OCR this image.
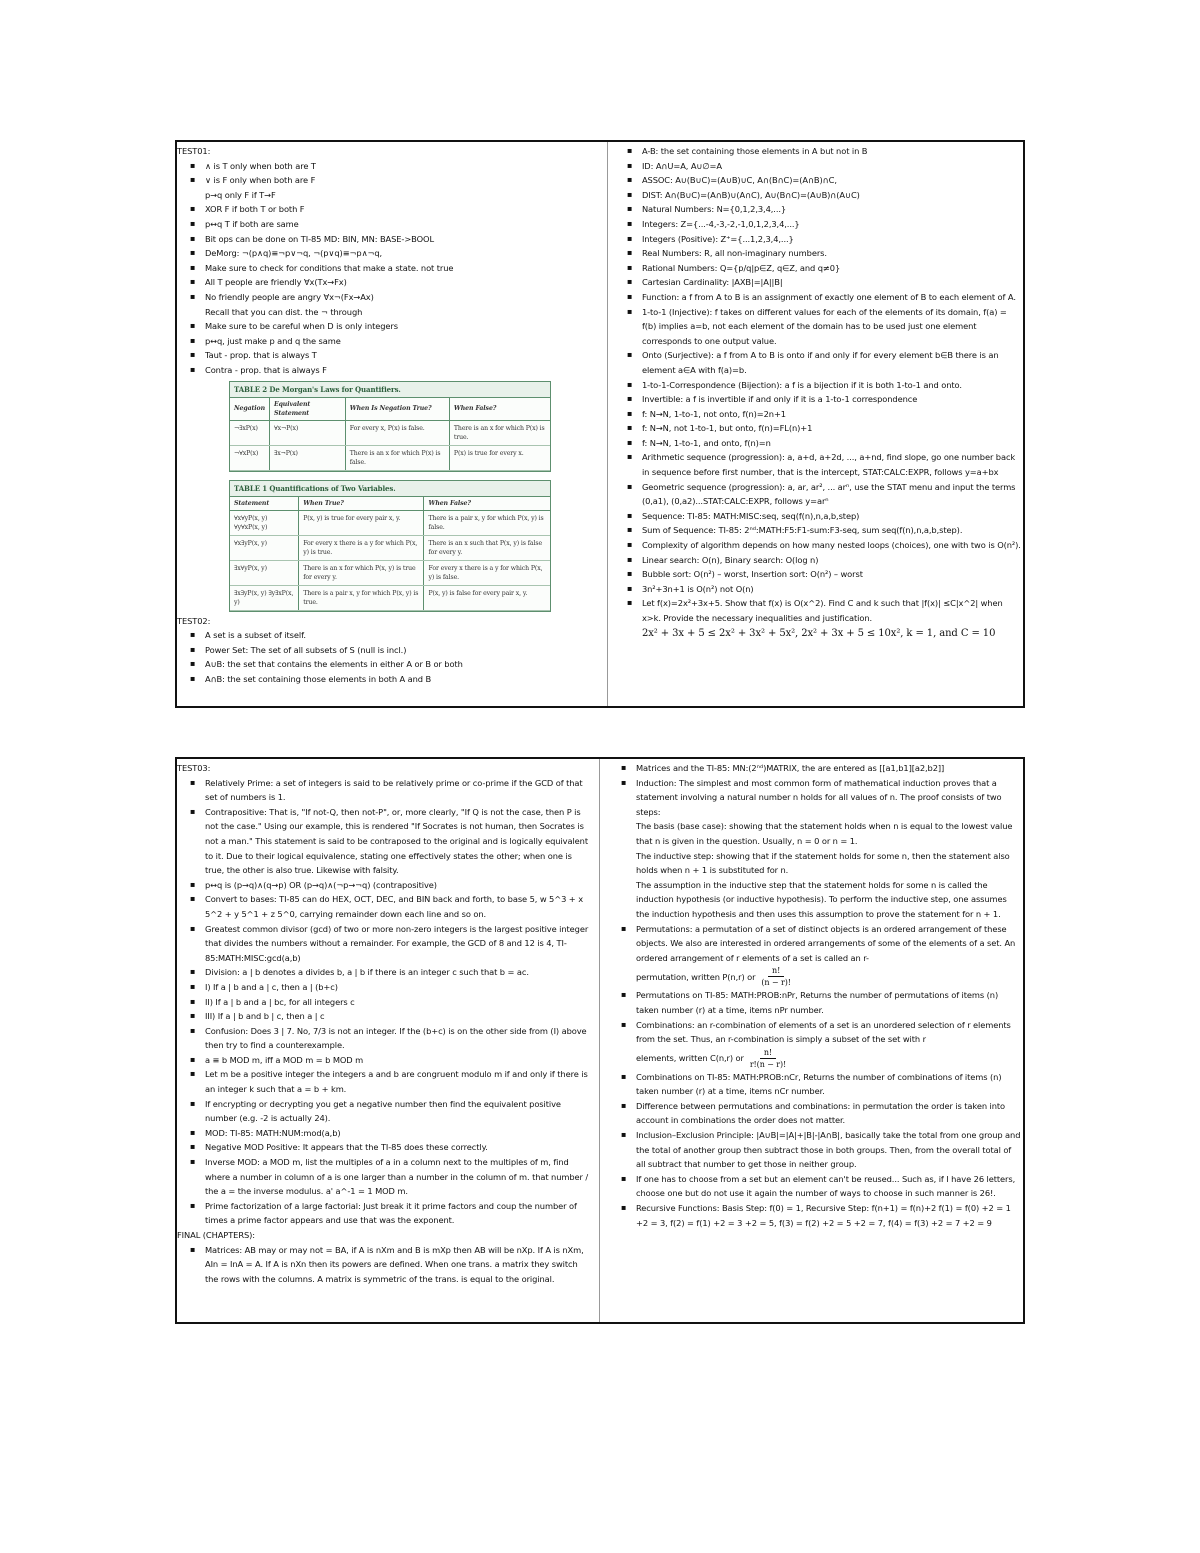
TEST01:
▪ ∧ is T only when both are T
▪ ∨ is F only when both are F
p→q only F if T→F
▪ XOR F if both T or both F
▪ p↔q T if both are same
▪ Bit ops can be done on TI-85 MD: BIN, MN: BASE->BOOL
▪ DeMorg: ¬(p∧q)≡¬p∨¬q, ¬(p∨q)≡¬p∧¬q,
▪ Make sure to check for conditions that make a state. not true
▪ All T people are friendly ∀x(Tx→Fx)
▪ No friendly people are angry ∀x¬(Fx→Ax)
Recall that you can dist. the ¬ through
▪ Make sure to be careful when D is only integers
▪ p↔q, just make p and q the same
▪ Taut - prop. that is always T
▪ Contra - prop. that is always F
TABLE 2 De Morgan's Laws for Quantifiers.
Negation	Equivalent Statement	When Is Negation True?	When False?
¬∃xP(x)	∀x¬P(x)	For every x, P(x) is false.	There is an x for which P(x) is true.
¬∀xP(x)	∃x¬P(x)	There is an x for which P(x) is false.	P(x) is true for every x.
TABLE 1 Quantifications of Two Variables.
Statement	When True?	When False?
∀x∀yP(x, y) ∀y∀xP(x, y)	P(x, y) is true for every pair x, y.	There is a pair x, y for which P(x, y) is false.
∀x∃yP(x, y)	For every x there is a y for which P(x, y) is true.	There is an x such that P(x, y) is false for every y.
∃x∀yP(x, y)	There is an x for which P(x, y) is true for every y.	For every x there is a y for which P(x, y) is false.
∃x∃yP(x, y) ∃y∃xP(x, y)	There is a pair x, y for which P(x, y) is true.	P(x, y) is false for every pair x, y.
TEST02:
▪ A set is a subset of itself.
▪ Power Set: The set of all subsets of S (null is incl.)
▪ A∪B: the set that contains the elements in either A or B or both
▪ A∩B: the set containing those elements in both A and B
▪ A-B: the set containing those elements in A but not in B
▪ ID: A∩U=A, A∪∅=A
▪ ASSOC: A∪(B∪C)=(A∪B)∪C, A∩(B∩C)=(A∩B)∩C,
▪ DIST: A∩(B∪C)=(A∩B)∪(A∩C), A∪(B∩C)=(A∪B)∩(A∪C)
▪ Natural Numbers: N={0,1,2,3,4,...}
▪ Integers: Z={...-4,-3,-2,-1,0,1,2,3,4,...}
▪ Integers (Positive): Z⁺={...1,2,3,4,...}
▪ Real Numbers: R, all non-imaginary numbers.
▪ Rational Numbers: Q={p/q|p∈Z, q∈Z, and q≠0}
▪ Cartesian Cardinality: |AXB|=|A||B|
▪ Function: a f from A to B is an assignment of exactly one element of B to each element of A.
▪ 1-to-1 (Injective): f takes on different values for each of the elements of its domain, f(a) = f(b) implies a=b, not each element of the domain has to be used just one element corresponds to one output value.
▪ Onto (Surjective): a f from A to B is onto if and only if for every element b∈B there is an element a∈A with f(a)=b.
▪ 1-to-1-Correspondence (Bijection): a f is a bijection if it is both 1-to-1 and onto.
▪ Invertible: a f is invertible if and only if it is a 1-to-1 correspondence
▪ f: N→N, 1-to-1, not onto, f(n)=2n+1
▪ f: N→N, not 1-to-1, but onto, f(n)=FL(n)+1
▪ f: N→N, 1-to-1, and onto, f(n)=n
▪ Arithmetic sequence (progression): a, a+d, a+2d, ..., a+nd, find slope, go one number back in sequence before first number, that is the intercept, STAT:CALC:EXPR, follows y=a+bx
▪ Geometric sequence (progression): a, ar, ar², ... arⁿ, use the STAT menu and input the terms (0,a1), (0,a2)...STAT:CALC:EXPR, follows y=arⁿ
▪ Sequence: TI-85: MATH:MISC:seq, seq(f(n),n,a,b,step)
▪ Sum of Sequence: TI-85: 2ⁿᵈ:MATH:F5:F1-sum:F3-seq, sum seq(f(n),n,a,b,step).
▪ Complexity of algorithm depends on how many nested loops (choices), one with two is O(n²).
▪ Linear search: O(n), Binary search: O(log n)
▪ Bubble sort: O(n²) – worst, Insertion sort: O(n²) – worst
▪ 3n²+3n+1 is O(n²) not O(n)
▪ Let f(x)=2x²+3x+5. Show that f(x) is O(x^2). Find C and k such that |f(x)| ≤C|x^2| when x>k. Provide the necessary inequalities and justification.
2x² + 3x + 5 ≤ 2x² + 3x² + 5x², 2x² + 3x + 5 ≤ 10x², k = 1, and C = 10
TEST03:
▪ Relatively Prime: a set of integers is said to be relatively prime or co-prime if the GCD of that set of numbers is 1.
▪ Contrapositive: That is, "If not-Q, then not-P", or, more clearly, "If Q is not the case, then P is not the case." Using our example, this is rendered "If Socrates is not human, then Socrates is not a man." This statement is said to be contraposed to the original and is logically equivalent to it. Due to their logical equivalence, stating one effectively states the other; when one is true, the other is also true. Likewise with falsity.
▪ p↔q is (p→q)∧(q→p) OR (p→q)∧(¬p→¬q) (contrapositive)
▪ Convert to bases: TI-85 can do HEX, OCT, DEC, and BIN back and forth, to base 5, w 5^3 + x 5^2 + y 5^1 + z 5^0, carrying remainder down each line and so on.
▪ Greatest common divisor (gcd) of two or more non-zero integers is the largest positive integer that divides the numbers without a remainder. For example, the GCD of 8 and 12 is 4, TI-85:MATH:MISC:gcd(a,b)
▪ Division: a | b denotes a divides b, a | b if there is an integer c such that b = ac.
▪ I) If a | b and a | c, then a | (b+c)
▪ II) If a | b and a | bc, for all integers c
▪ III) If a | b and b | c, then a | c
▪ Confusion: Does 3 | 7. No, 7/3 is not an integer. If the (b+c) is on the other side from (I) above then try to find a counterexample.
▪ a ≡ b MOD m, iff a MOD m = b MOD m
▪ Let m be a positive integer the integers a and b are congruent modulo m if and only if there is an integer k such that a = b + km.
▪ If encrypting or decrypting you get a negative number then find the equivalent positive number (e.g. -2 is actually 24).
▪ MOD: TI-85: MATH:NUM:mod(a,b)
▪ Negative MOD Positive: It appears that the TI-85 does these correctly.
▪ Inverse MOD: a MOD m, list the multiples of a in a column next to the multiples of m, find where a number in column of a is one larger than a number in the column of m. that number / the a = the inverse modulus. a' a^-1 = 1 MOD m.
▪ Prime factorization of a large factorial: Just break it it prime factors and coup the number of times a prime factor appears and use that was the exponent.
FINAL (CHAPTERS):
▪ Matrices: AB may or may not = BA, if A is nXm and B is mXp then AB will be nXp. If A is nXm, AIn = InA = A. If A is nXn then its powers are defined. When one trans. a matrix they switch the rows with the columns. A matrix is symmetric of the trans. is equal to the original.
▪ Matrices and the TI-85: MN:(2ⁿᵈ)MATRIX, the are entered as [[a1,b1][a2,b2]]
▪ Induction: The simplest and most common form of mathematical induction proves that a statement involving a natural number n holds for all values of n. The proof consists of two steps:
The basis (base case): showing that the statement holds when n is equal to the lowest value that n is given in the question. Usually, n = 0 or n = 1.
The inductive step: showing that if the statement holds for some n, then the statement also holds when n + 1 is substituted for n.
The assumption in the inductive step that the statement holds for some n is called the induction hypothesis (or inductive hypothesis). To perform the inductive step, one assumes the induction hypothesis and then uses this assumption to prove the statement for n + 1.
▪ Permutations: a permutation of a set of distinct objects is an ordered arrangement of these objects. We also are interested in ordered arrangements of some of the elements of a set. An ordered arrangement of r elements of a set is called an r-
permutation, written P(n,r) or $\frac{n!}{(n - r)!}$
▪ Permutations on TI-85: MATH:PROB:nPr, Returns the number of permutations of items (n) taken number (r) at a time, items nPr number.
▪ Combinations: an r-combination of elements of a set is an unordered selection of r elements from the set. Thus, an r-combination is simply a subset of the set with r
elements, written C(n,r) or $\frac{n!}{r!(n - r)!}$
▪ Combinations on TI-85: MATH:PROB:nCr, Returns the number of combinations of items (n) taken number (r) at a time, items nCr number.
▪ Difference between permutations and combinations: in permutation the order is taken into account in combinations the order does not matter.
▪ Inclusion–Exclusion Principle: |A∪B|=|A|+|B|-|A∩B|, basically take the total from one group and the total of another group then subtract those in both groups. Then, from the overall total of all subtract that number to get those in neither group.
▪ If one has to choose from a set but an element can't be reused... Such as, if I have 26 letters, choose one but do not use it again the number of ways to choose in such manner is 26!.
▪ Recursive Functions: Basis Step: f(0) = 1, Recursive Step: f(n+1) = f(n)+2 f(1) = f(0) +2 = 1 +2 = 3, f(2) = f(1) +2 = 3 +2 = 5, f(3) = f(2) +2 = 5 +2 = 7, f(4) = f(3) +2 = 7 +2 = 9
